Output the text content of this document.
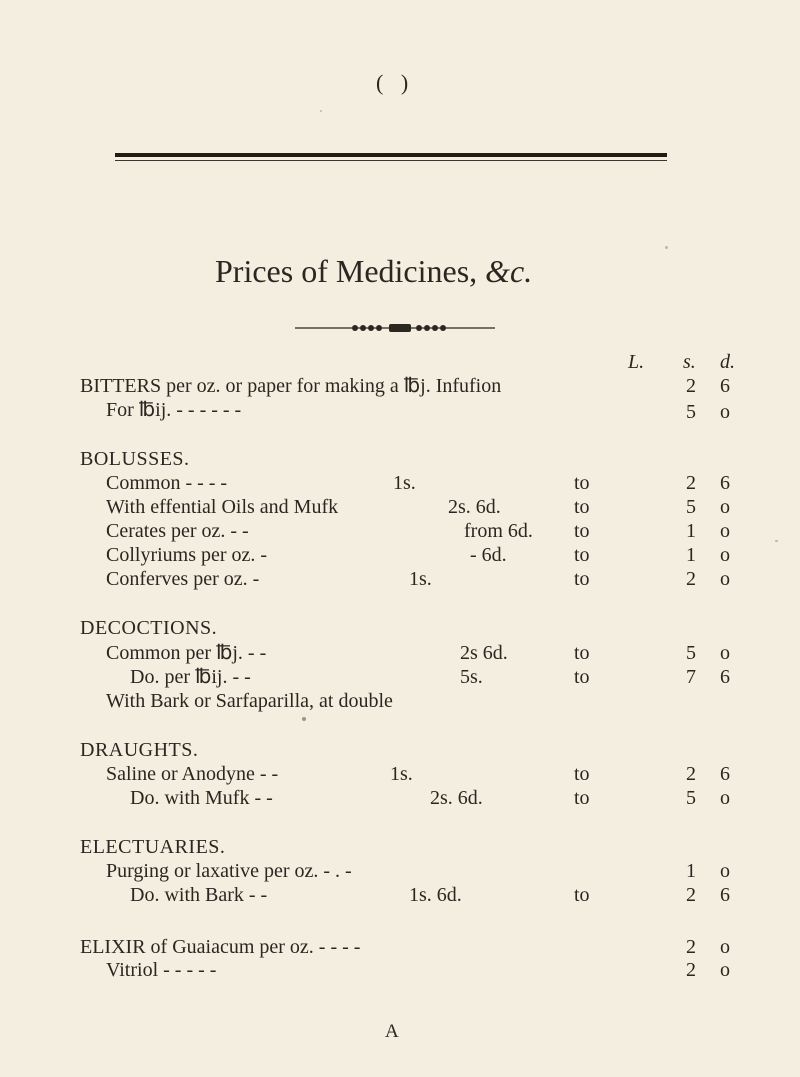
( )
Prices of Medicines, &c.
L. s. d.
BITTERS per oz. or paper for making a ℔j. Infufion	2 6
For ℔ij. - - - - - -	5 o
BOLUSSES.
Common - - - -	1s.	to	2 6
With effential Oils and Mufk	2s. 6d.	to	5 o
Cerates per oz. - -	from 6d. to	1 o
Collyriums per oz. -	- 6d.	to	1 o
Conferves per oz. -	1s.	to	2 o
DECOCTIONS.
Common per ℔j. - -	2s 6d.	to	5 o
Do. per ℔ij. - -	5s.	to	7 6
With Bark or Sarfaparilla, at double
DRAUGHTS.
Saline or Anodyne - -	1s.	to	2 6
Do. with Mufk - -	2s. 6d.	to	5 o
ELECTUARIES.
Purging or laxative per oz. - . -	1 o
Do. with Bark - -	1s. 6d.	to	2 6
ELIXIR of Guaiacum per oz. - - - -	2 o
Vitriol - - - - -	2 o
A
